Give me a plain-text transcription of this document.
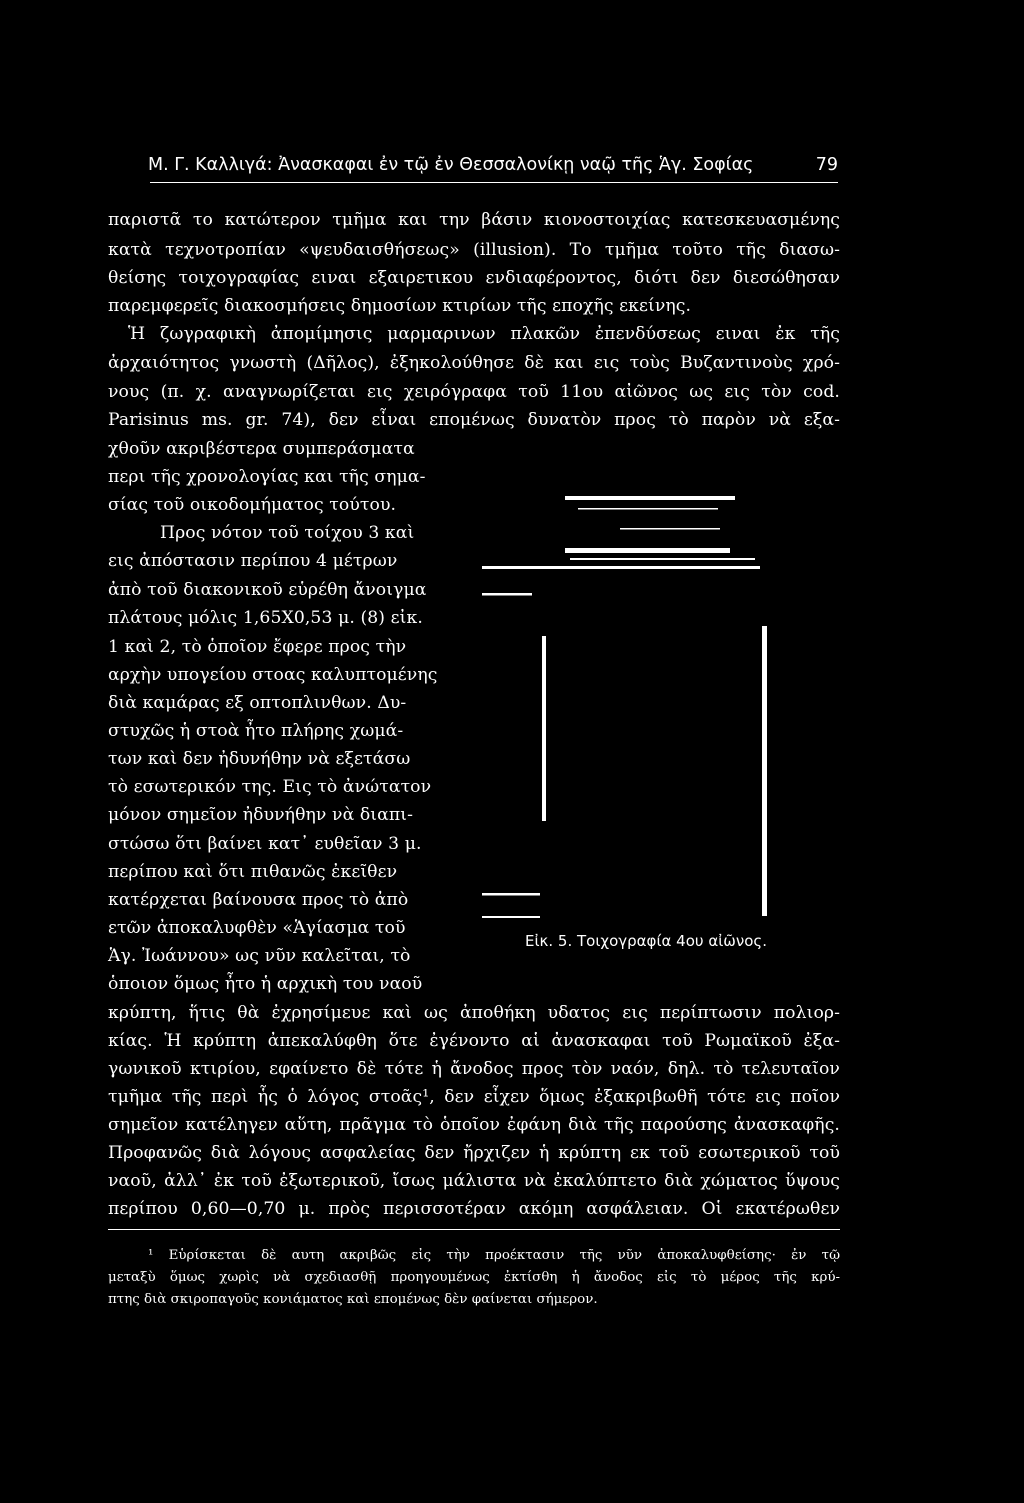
Μ. Γ. Καλλιγά: Ἀνασκαφαι ἐν τῷ ἐν Θεσσαλονίκῃ ναῷ τῆς Ἁγ. Σοφίας	79
παριστᾶ το κατώτερον τμῆμα και την βάσιν κιονοστοιχίας κατεσκευασμένης
κατὰ τεχνοτροπίαν «ψευδαισθήσεως» (illusion). Το τμῆμα τοῦτο τῆς διασω-
θείσης τοιχογραφίας ειναι εξαιρετικου ενδιαφέροντος, διότι δεν διεσώθησαν
παρεμφερεῖς διακοσμήσεις δημοσίων κτιρίων τῆς εποχῆς εκείνης.
Ἡ ζωγραφικὴ ἀπομίμησις μαρμαρινων πλακῶν ἐπενδύσεως ειναι ἐκ τῆς
ἀρχαιότητος γνωστὴ (Δῆλος), ἐξηκολούθησε δὲ και εις τοὺς Βυζαντινοὺς χρό-
νους (π. χ. αναγνωρίζεται εις χειρόγραφα τοῦ 11ου αἰῶνος ως εις τὸν cod.
Parisinus ms. gr. 74), δεν εἶναι επομένως δυνατὸν προς τὸ παρὸν νὰ εξα-
χθοῦν ακριβέστερα συμπεράσματα
περι τῆς χρονολογίας και τῆς σημα-
σίας τοῦ οικοδομήματος τούτου.
Προς νότον τοῦ τοίχου 3 καὶ
εις ἀπόστασιν περίπου 4 μέτρων
ἀπὸ τοῦ διακονικοῦ εὑρέθη ἄνοιγμα
πλάτους μόλις 1,65Χ0,53 μ. (8) εἰκ.
1 καὶ 2, τὸ ὁποῖον ἔφερε προς τὴν
αρχὴν υπογείου στοας καλυπτομένης
διὰ καμάρας εξ οπτοπλινθων. Δυ-
στυχῶς ἡ στοὰ ἦτο πλήρης χωμά-
των καὶ δεν ἠδυνήθην νὰ εξετάσω
τὸ εσωτερικόν της. Εις τὸ ἀνώτατον
μόνον σημεῖον ἠδυνήθην νὰ διαπι-
στώσω ὅτι βαίνει κατ᾽ ευθεῖαν 3 μ.
περίπου καὶ ὅτι πιθανῶς ἐκεῖθεν
κατέρχεται βαίνουσα προς τὸ ἀπὸ
ετῶν ἀποκαλυφθὲν «Ἁγίασμα τοῦ
Ἁγ. Ἰωάννου» ως νῦν καλεῖται, τὸ
ὁποιον ὅμως ἦτο ἡ αρχικὴ του ναοῦ
κρύπτη, ἥτις θὰ ἐχρησίμευε καὶ ως ἀποθήκη υδατος εις περίπτωσιν πολιορ-
κίας. Ἡ κρύπτη ἀπεκαλύφθη ὅτε ἐγένοντο αἱ ἀνασκαφαι τοῦ Ρωμαϊκοῦ ἐξα-
γωνικοῦ κτιρίου, εφαίνετο δὲ τότε ἡ ἄνοδος προς τὸν ναόν, δηλ. τὸ τελευταῖον
τμῆμα τῆς περὶ ἧς ὁ λόγος στοᾶς¹, δεν εἶχεν ὅμως ἐξακριβωθῆ τότε εις ποῖον
σημεῖον κατέληγεν αὕτη, πρᾶγμα τὸ ὁποῖον ἐφάνη διὰ τῆς παρούσης ἀνασκαφῆς.
Προφανῶς διὰ λόγους ασφαλείας δεν ἤρχιζεν ἡ κρύπτη εκ τοῦ εσωτερικοῦ τοῦ
ναοῦ, ἀλλ᾽ ἐκ τοῦ ἐξωτερικοῦ, ἴσως μάλιστα νὰ ἐκαλύπτετο διὰ χώματος ὕψους
περίπου 0,60—0,70 μ. πρὸς περισσοτέραν ακόμη ασφάλειαν. Οἱ εκατέρωθεν
Εἰκ. 5. Τοιχογραφία 4ου αἰῶνος.
¹ Εὑρίσκεται δὲ αυτη ακριβῶς εἰς τὴν προέκτασιν τῆς νῦν ἀποκαλυφθείσης· ἐν τῷ
μεταξὺ ὅμως χωρὶς νὰ σχεδιασθῇ προηγουμένως ἐκτίσθη ἡ ἄνοδος εἰς τὸ μέρος τῆς κρύ-
πτης διὰ σκιροπαγοῦς κονιάματος καὶ επομένως δὲν φαίνεται σήμερον.
